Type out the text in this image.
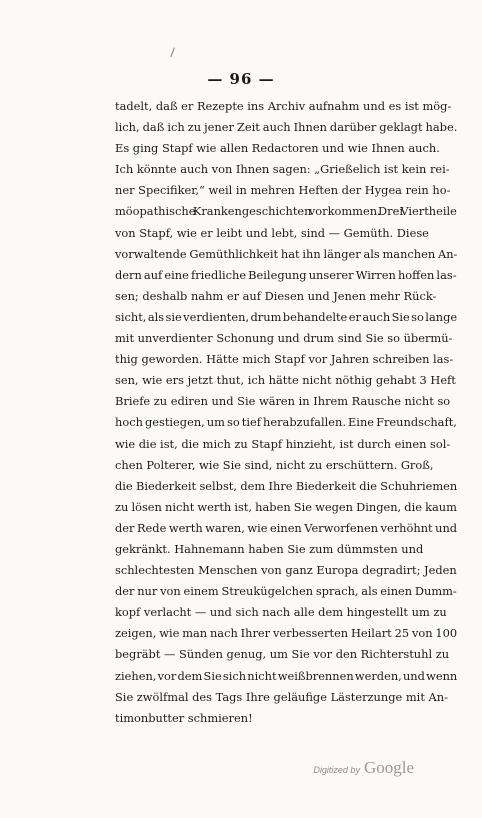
— 96 —
tadelt, daß er Rezepte ins Archiv aufnahm und es ist mög-
lich, daß ich zu jener Zeit auch Ihnen darüber geklagt habe.
Es ging Stapf wie allen Redactoren und wie Ihnen auch.
Ich könnte auch von Ihnen sagen: „Grießelich ist kein rei-
ner Specifiker,“ weil in mehren Heften der Hygea rein ho-
möopathische Krankengeschichten vorkommen. Drei Viertheile
von Stapf, wie er leibt und lebt, sind — Gemüth. Diese
vorwaltende Gemüthlichkeit hat ihn länger als manchen An-
dern auf eine friedliche Beilegung unserer Wirren hoffen las-
sen; deshalb nahm er auf Diesen und Jenen mehr Rück-
sicht, als sie verdienten, drum behandelte er auch Sie so lange
mit unverdienter Schonung und drum sind Sie so übermü-
thig geworden. Hätte mich Stapf vor Jahren schreiben las-
sen, wie ers jetzt thut, ich hätte nicht nöthig gehabt 3 Heft
Briefe zu ediren und Sie wären in Ihrem Rausche nicht so
hoch gestiegen, um so tief herabzufallen. Eine Freundschaft,
wie die ist, die mich zu Stapf hinzieht, ist durch einen sol-
chen Polterer, wie Sie sind, nicht zu erschüttern. Groß,
die Biederkeit selbst, dem Ihre Biederkeit die Schuhriemen
zu lösen nicht werth ist, haben Sie wegen Dingen, die kaum
der Rede werth waren, wie einen Verworfenen verhöhnt und
gekränkt. Hahnemann haben Sie zum dümmsten und
schlechtesten Menschen von ganz Europa degradirt; Jeden
der nur von einem Streukügelchen sprach, als einen Dumm-
kopf verlacht — und sich nach alle dem hingestellt um zu
zeigen, wie man nach Ihrer verbesserten Heilart 25 von 100
begräbt — Sünden genug, um Sie vor den Richterstuhl zu
ziehen, vor dem Sie sich nicht weißbrennen werden, und wenn
Sie zwölfmal des Tags Ihre geläufige Lästerzunge mit An-
timonbutter schmieren!
Digitized by Google
